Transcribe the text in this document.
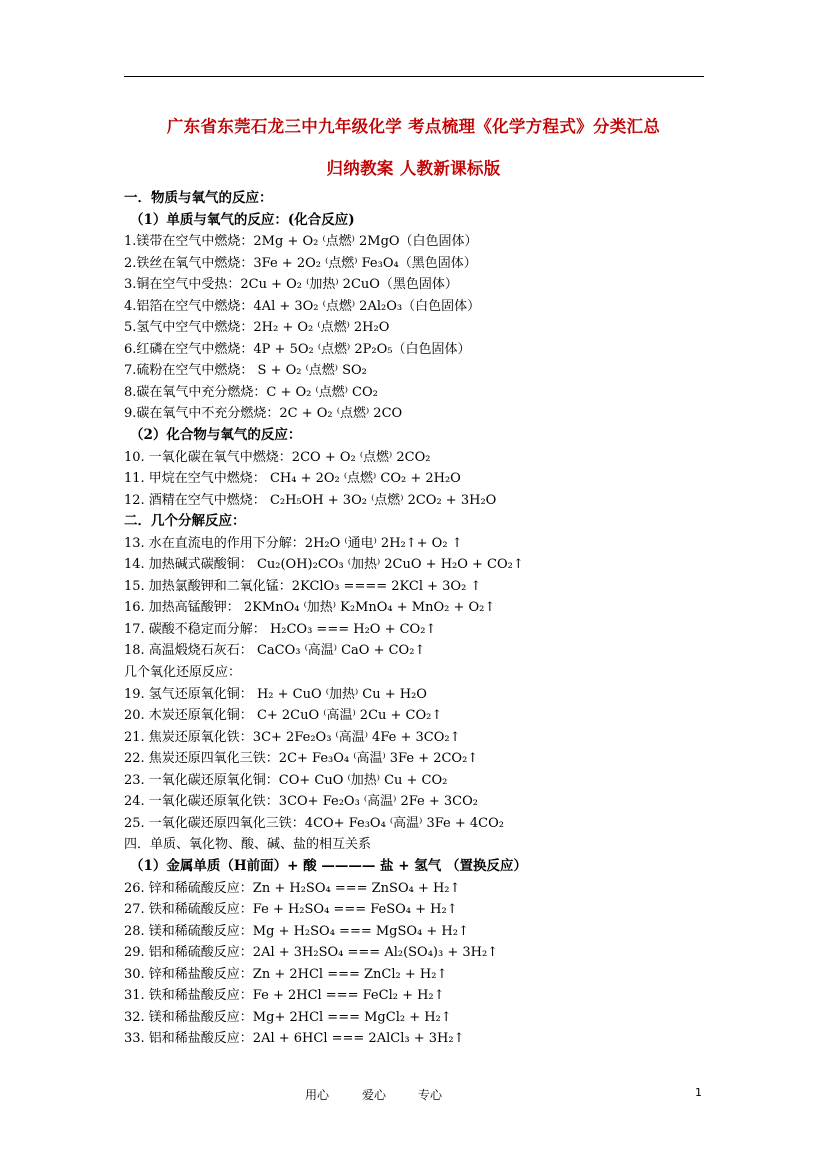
广东省东莞石龙三中九年级化学 考点梳理《化学方程式》分类汇总
归纳教案 人教新课标版
一．物质与氧气的反应：
（1）单质与氧气的反应：(化合反应)
1.镁带在空气中燃烧：2Mg + O₂ ⁽点燃⁾ 2MgO（白色固体）
2.铁丝在氧气中燃烧：3Fe + 2O₂ ⁽点燃⁾ Fe₃O₄（黑色固体）
3.铜在空气中受热：2Cu + O₂ ⁽加热⁾ 2CuO（黑色固体）
4.铝箔在空气中燃烧：4Al + 3O₂ ⁽点燃⁾ 2Al₂O₃（白色固体）
5.氢气中空气中燃烧：2H₂ + O₂ ⁽点燃⁾ 2H₂O
6.红磷在空气中燃烧：4P + 5O₂ ⁽点燃⁾ 2P₂O₅（白色固体）
7.硫粉在空气中燃烧： S + O₂ ⁽点燃⁾ SO₂
8.碳在氧气中充分燃烧：C + O₂ ⁽点燃⁾ CO₂
9.碳在氧气中不充分燃烧：2C + O₂ ⁽点燃⁾ 2CO
（2）化合物与氧气的反应：
10. 一氧化碳在氧气中燃烧：2CO + O₂ ⁽点燃⁾ 2CO₂
11. 甲烷在空气中燃烧： CH₄ + 2O₂ ⁽点燃⁾ CO₂ + 2H₂O
12. 酒精在空气中燃烧： C₂H₅OH + 3O₂ ⁽点燃⁾ 2CO₂ + 3H₂O
二．几个分解反应：
13. 水在直流电的作用下分解：2H₂O ⁽通电⁾ 2H₂↑+ O₂ ↑
14. 加热碱式碳酸铜： Cu₂(OH)₂CO₃ ⁽加热⁾ 2CuO + H₂O + CO₂↑
15. 加热氯酸钾和二氧化锰：2KClO₃ ==== 2KCl + 3O₂ ↑
16. 加热高锰酸钾： 2KMnO₄ ⁽加热⁾ K₂MnO₄ + MnO₂ + O₂↑
17. 碳酸不稳定而分解： H₂CO₃ === H₂O + CO₂↑
18. 高温煅烧石灰石： CaCO₃ ⁽高温⁾ CaO + CO₂↑
几个氧化还原反应：
19. 氢气还原氧化铜： H₂ + CuO ⁽加热⁾ Cu + H₂O
20. 木炭还原氧化铜： C+ 2CuO ⁽高温⁾ 2Cu + CO₂↑
21. 焦炭还原氧化铁：3C+ 2Fe₂O₃ ⁽高温⁾ 4Fe + 3CO₂↑
22. 焦炭还原四氧化三铁：2C+ Fe₃O₄ ⁽高温⁾ 3Fe + 2CO₂↑
23. 一氧化碳还原氧化铜：CO+ CuO ⁽加热⁾ Cu + CO₂
24. 一氧化碳还原氧化铁：3CO+ Fe₂O₃ ⁽高温⁾ 2Fe + 3CO₂
25. 一氧化碳还原四氧化三铁：4CO+ Fe₃O₄ ⁽高温⁾ 3Fe + 4CO₂
四．单质、氧化物、酸、碱、盐的相互关系
（1）金属单质（H前面）+ 酸 ———— 盐 + 氢气 （置换反应）
26. 锌和稀硫酸反应：Zn + H₂SO₄ === ZnSO₄ + H₂↑
27. 铁和稀硫酸反应：Fe + H₂SO₄ === FeSO₄ + H₂↑
28. 镁和稀硫酸反应：Mg + H₂SO₄ === MgSO₄ + H₂↑
29. 铝和稀硫酸反应：2Al + 3H₂SO₄ === Al₂(SO₄)₃ + 3H₂↑
30. 锌和稀盐酸反应：Zn + 2HCl === ZnCl₂ + H₂↑
31. 铁和稀盐酸反应：Fe + 2HCl === FeCl₂ + H₂↑
32. 镁和稀盐酸反应：Mg+ 2HCl === MgCl₂ + H₂↑
33. 铝和稀盐酸反应：2Al + 6HCl === 2AlCl₃ + 3H₂↑
用心	爱心	专心	1
